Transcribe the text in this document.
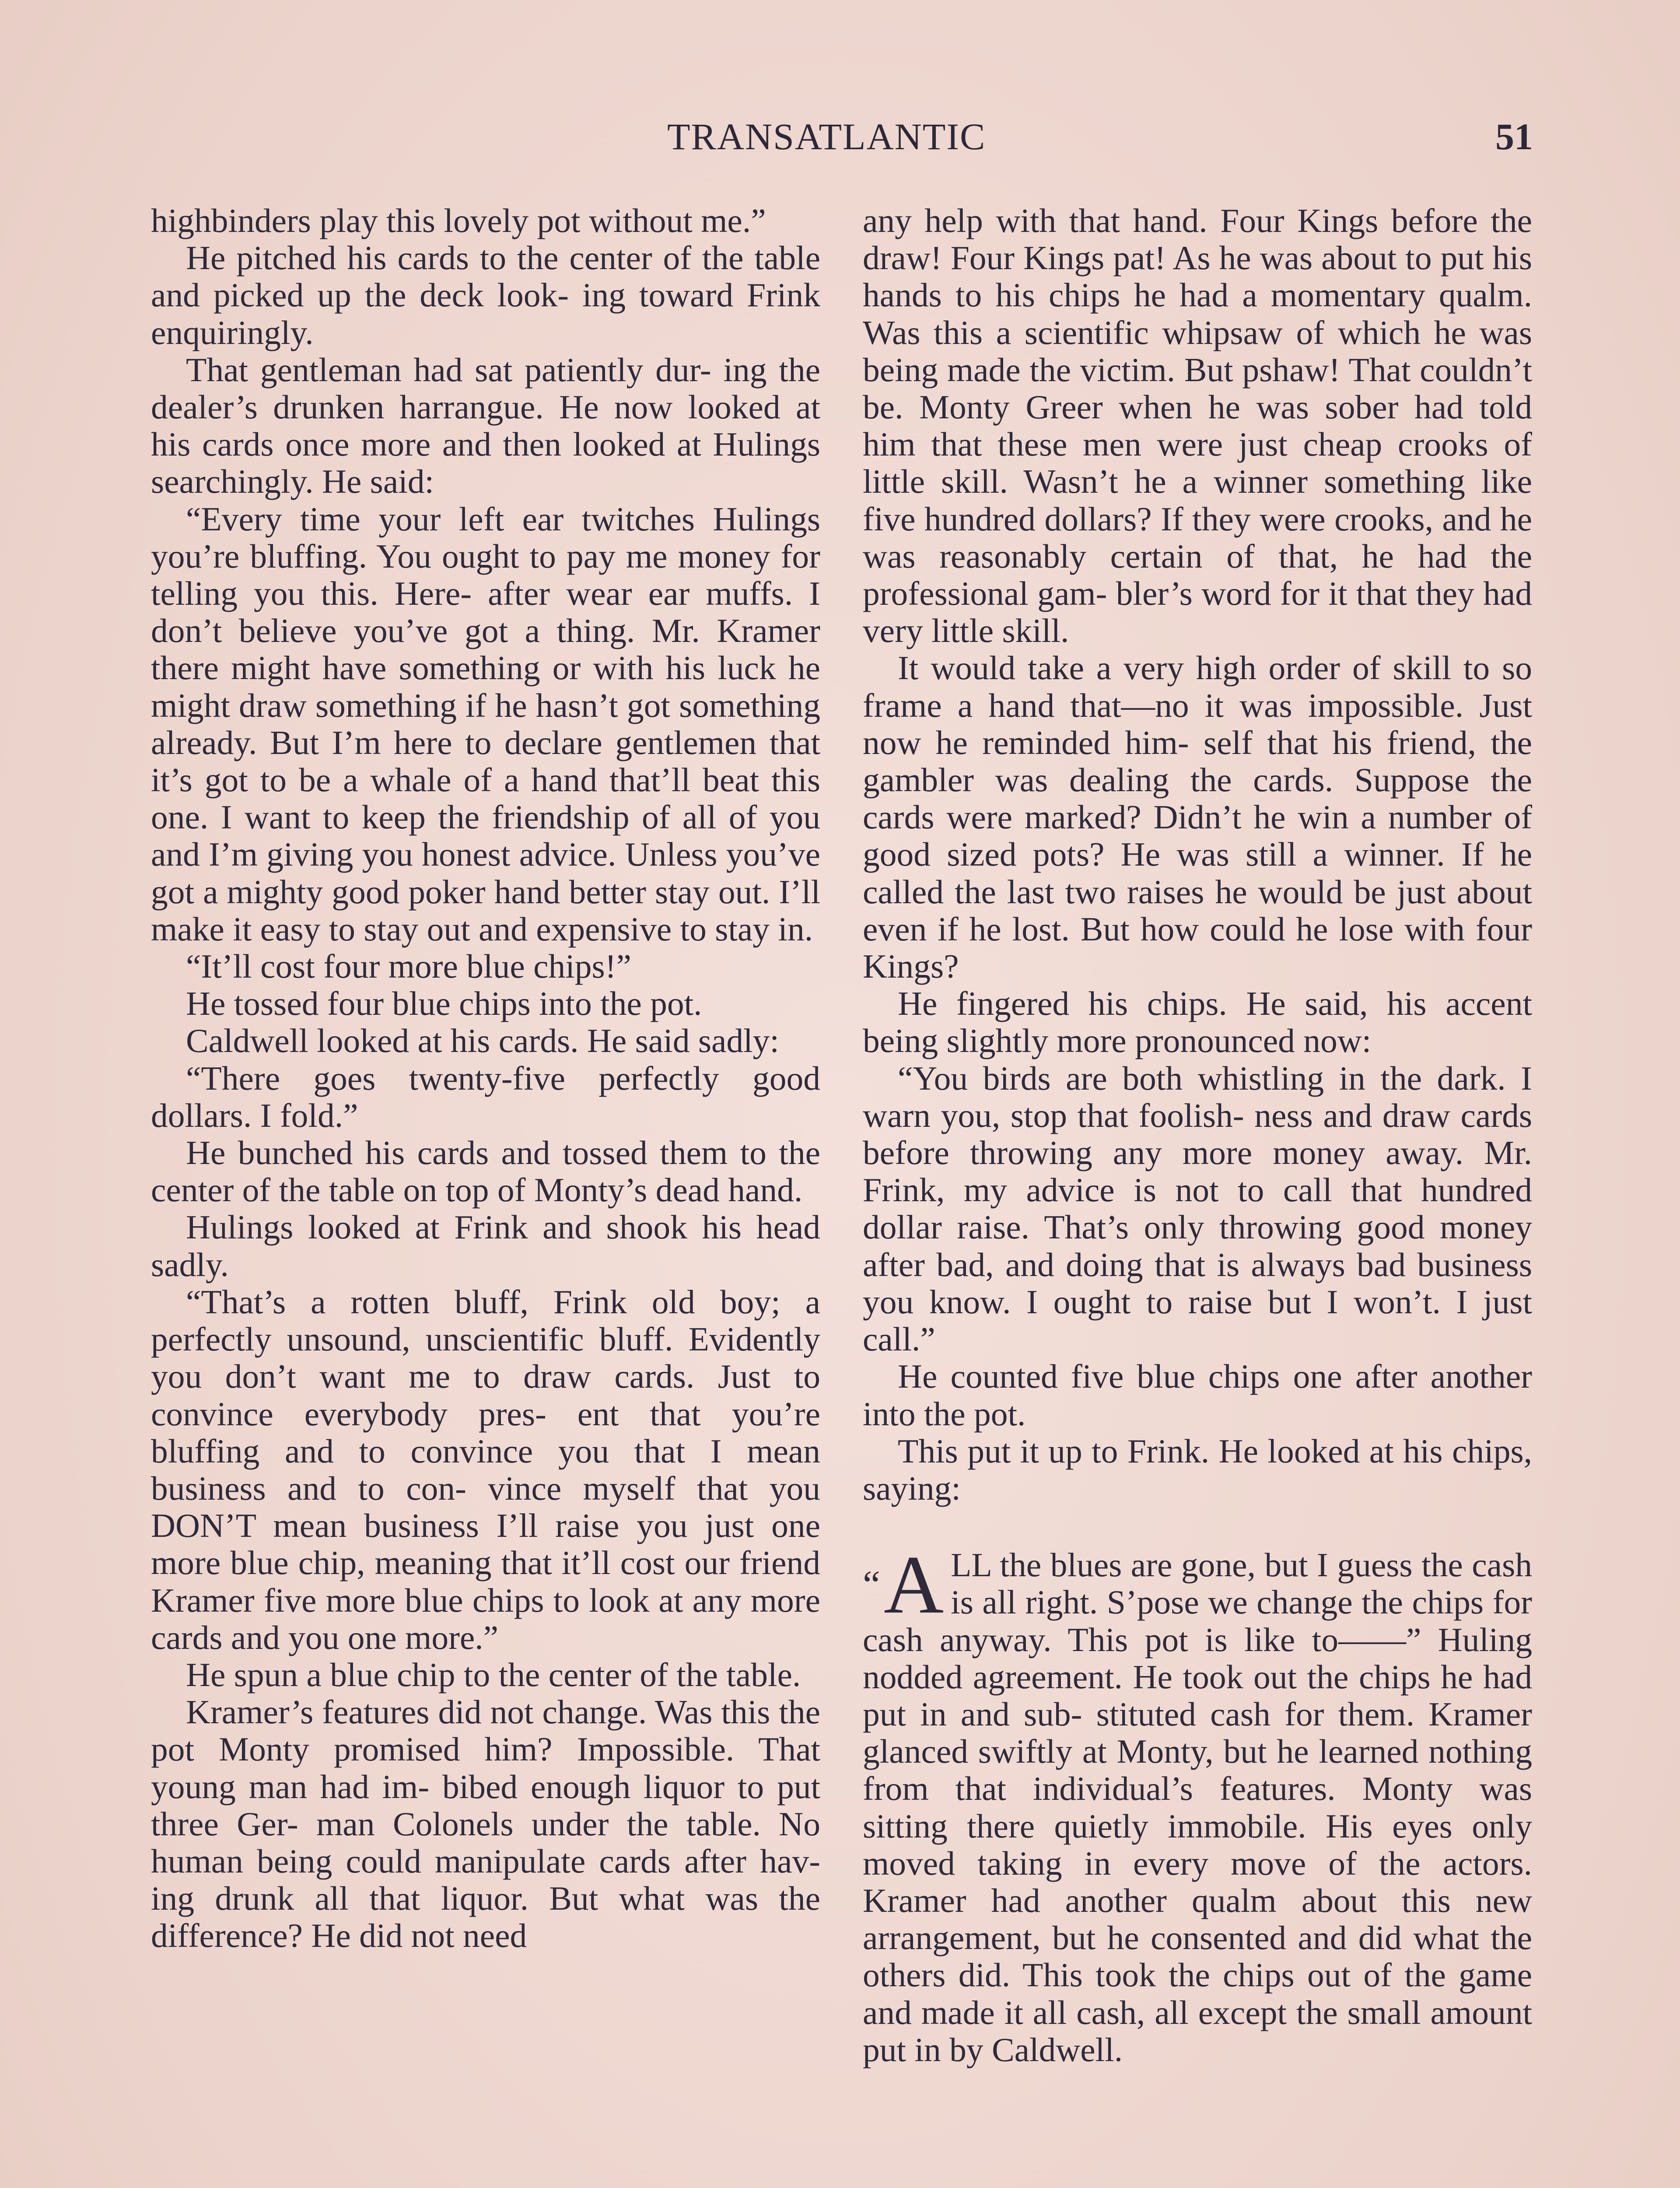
TRANSATLANTIC	51

highbinders play this lovely pot without me.”

He pitched his cards to the center of the table and picked up the deck look- ing toward Frink enquiringly.

That gentleman had sat patiently dur- ing the dealer’s drunken harrangue. He now looked at his cards once more and then looked at Hulings searchingly. He said:

“Every time your left ear twitches Hulings you’re bluffing. You ought to pay me money for telling you this. Here- after wear ear muffs. I don’t believe you’ve got a thing. Mr. Kramer there might have something or with his luck he might draw something if he hasn’t got something already. But I’m here to declare gentlemen that it’s got to be a whale of a hand that’ll beat this one. I want to keep the friendship of all of you and I’m giving you honest advice. Unless you’ve got a mighty good poker hand better stay out. I’ll make it easy to stay out and expensive to stay in.

“It’ll cost four more blue chips!”

He tossed four blue chips into the pot.

Caldwell looked at his cards. He said sadly:

“There goes twenty-five perfectly good dollars. I fold.”

He bunched his cards and tossed them to the center of the table on top of Monty’s dead hand.

Hulings looked at Frink and shook his head sadly.

“That’s a rotten bluff, Frink old boy; a perfectly unsound, unscientific bluff. Evidently you don’t want me to draw cards. Just to convince everybody pres- ent that you’re bluffing and to convince you that I mean business and to con- vince myself that you DON’T mean business I’ll raise you just one more blue chip, meaning that it’ll cost our friend Kramer five more blue chips to look at any more cards and you one more.”

He spun a blue chip to the center of the table.

Kramer’s features did not change. Was this the pot Monty promised him? Impossible. That young man had im- bibed enough liquor to put three Ger- man Colonels under the table. No human being could manipulate cards after hav- ing drunk all that liquor. But what was the difference? He did not need

any help with that hand. Four Kings before the draw! Four Kings pat! As he was about to put his hands to his chips he had a momentary qualm. Was this a scientific whipsaw of which he was being made the victim. But pshaw! That couldn’t be. Monty Greer when he was sober had told him that these men were just cheap crooks of little skill. Wasn’t he a winner something like five hundred dollars? If they were crooks, and he was reasonably certain of that, he had the professional gam- bler’s word for it that they had very little skill.

It would take a very high order of skill to so frame a hand that—no it was impossible. Just now he reminded him- self that his friend, the gambler was dealing the cards. Suppose the cards were marked? Didn’t he win a number of good sized pots? He was still a winner. If he called the last two raises he would be just about even if he lost. But how could he lose with four Kings?

He fingered his chips. He said, his accent being slightly more pronounced now:

“You birds are both whistling in the dark. I warn you, stop that foolish- ness and draw cards before throwing any more money away. Mr. Frink, my advice is not to call that hundred dollar raise. That’s only throwing good money after bad, and doing that is always bad business you know. I ought to raise but I won’t. I just call.”

He counted five blue chips one after another into the pot.

This put it up to Frink. He looked at his chips, saying:

“A LL the blues are gone, but I guess the cash is all right. S’pose we change the chips for cash anyway. This pot is like to——” Huling nodded agreement. He took out the chips he had put in and sub- stituted cash for them. Kramer glanced swiftly at Monty, but he learned nothing from that individual’s features. Monty was sitting there quietly immobile. His eyes only moved taking in every move of the actors. Kramer had another qualm about this new arrangement, but he consented and did what the others did. This took the chips out of the game and made it all cash, all except the small amount put in by Caldwell.
